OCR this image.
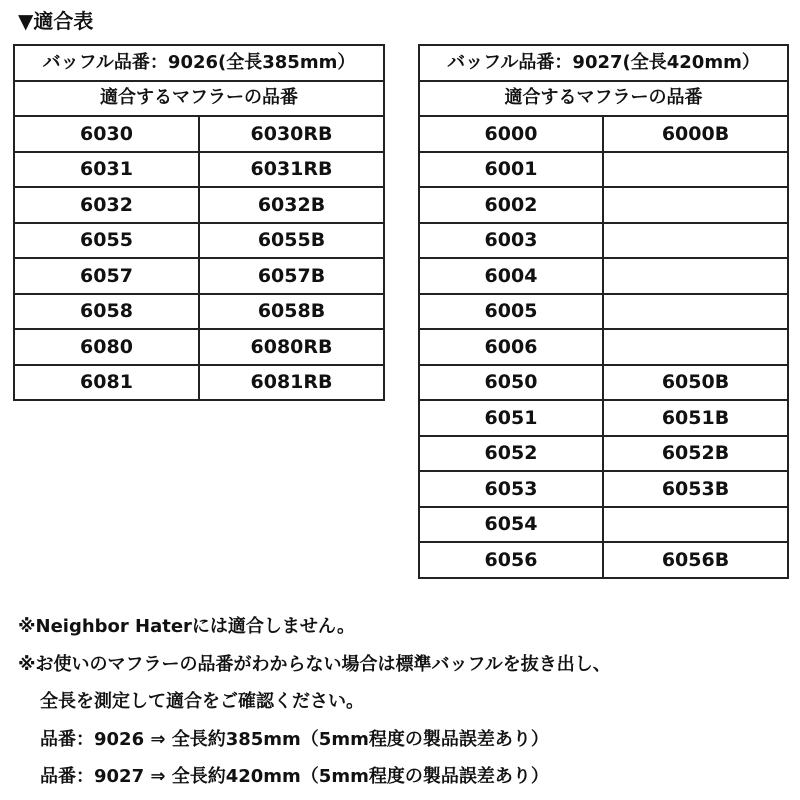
▼適合表
バッフル品番：9026(全長385mm）	
適合するマフラーの品番	
6030	6030RB
6031	6031RB
6032	6032B
6055	6055B
6057	6057B
6058	6058B
6080	6080RB
6081	6081RB
バッフル品番：9027(全長420mm）	
適合するマフラーの品番	
6000	6000B
6001	
6002	
6003	
6004	
6005	
6006	
6050	6050B
6051	6051B
6052	6052B
6053	6053B
6054	
6056	6056B
※Neighbor Haterには適合しません。
※お使いのマフラーの品番がわからない場合は標準バッフルを抜き出し、
全長を測定して適合をご確認ください。
品番：9026 ⇒ 全長約385mm（5mm程度の製品誤差あり）
品番：9027 ⇒ 全長約420mm（5mm程度の製品誤差あり）
